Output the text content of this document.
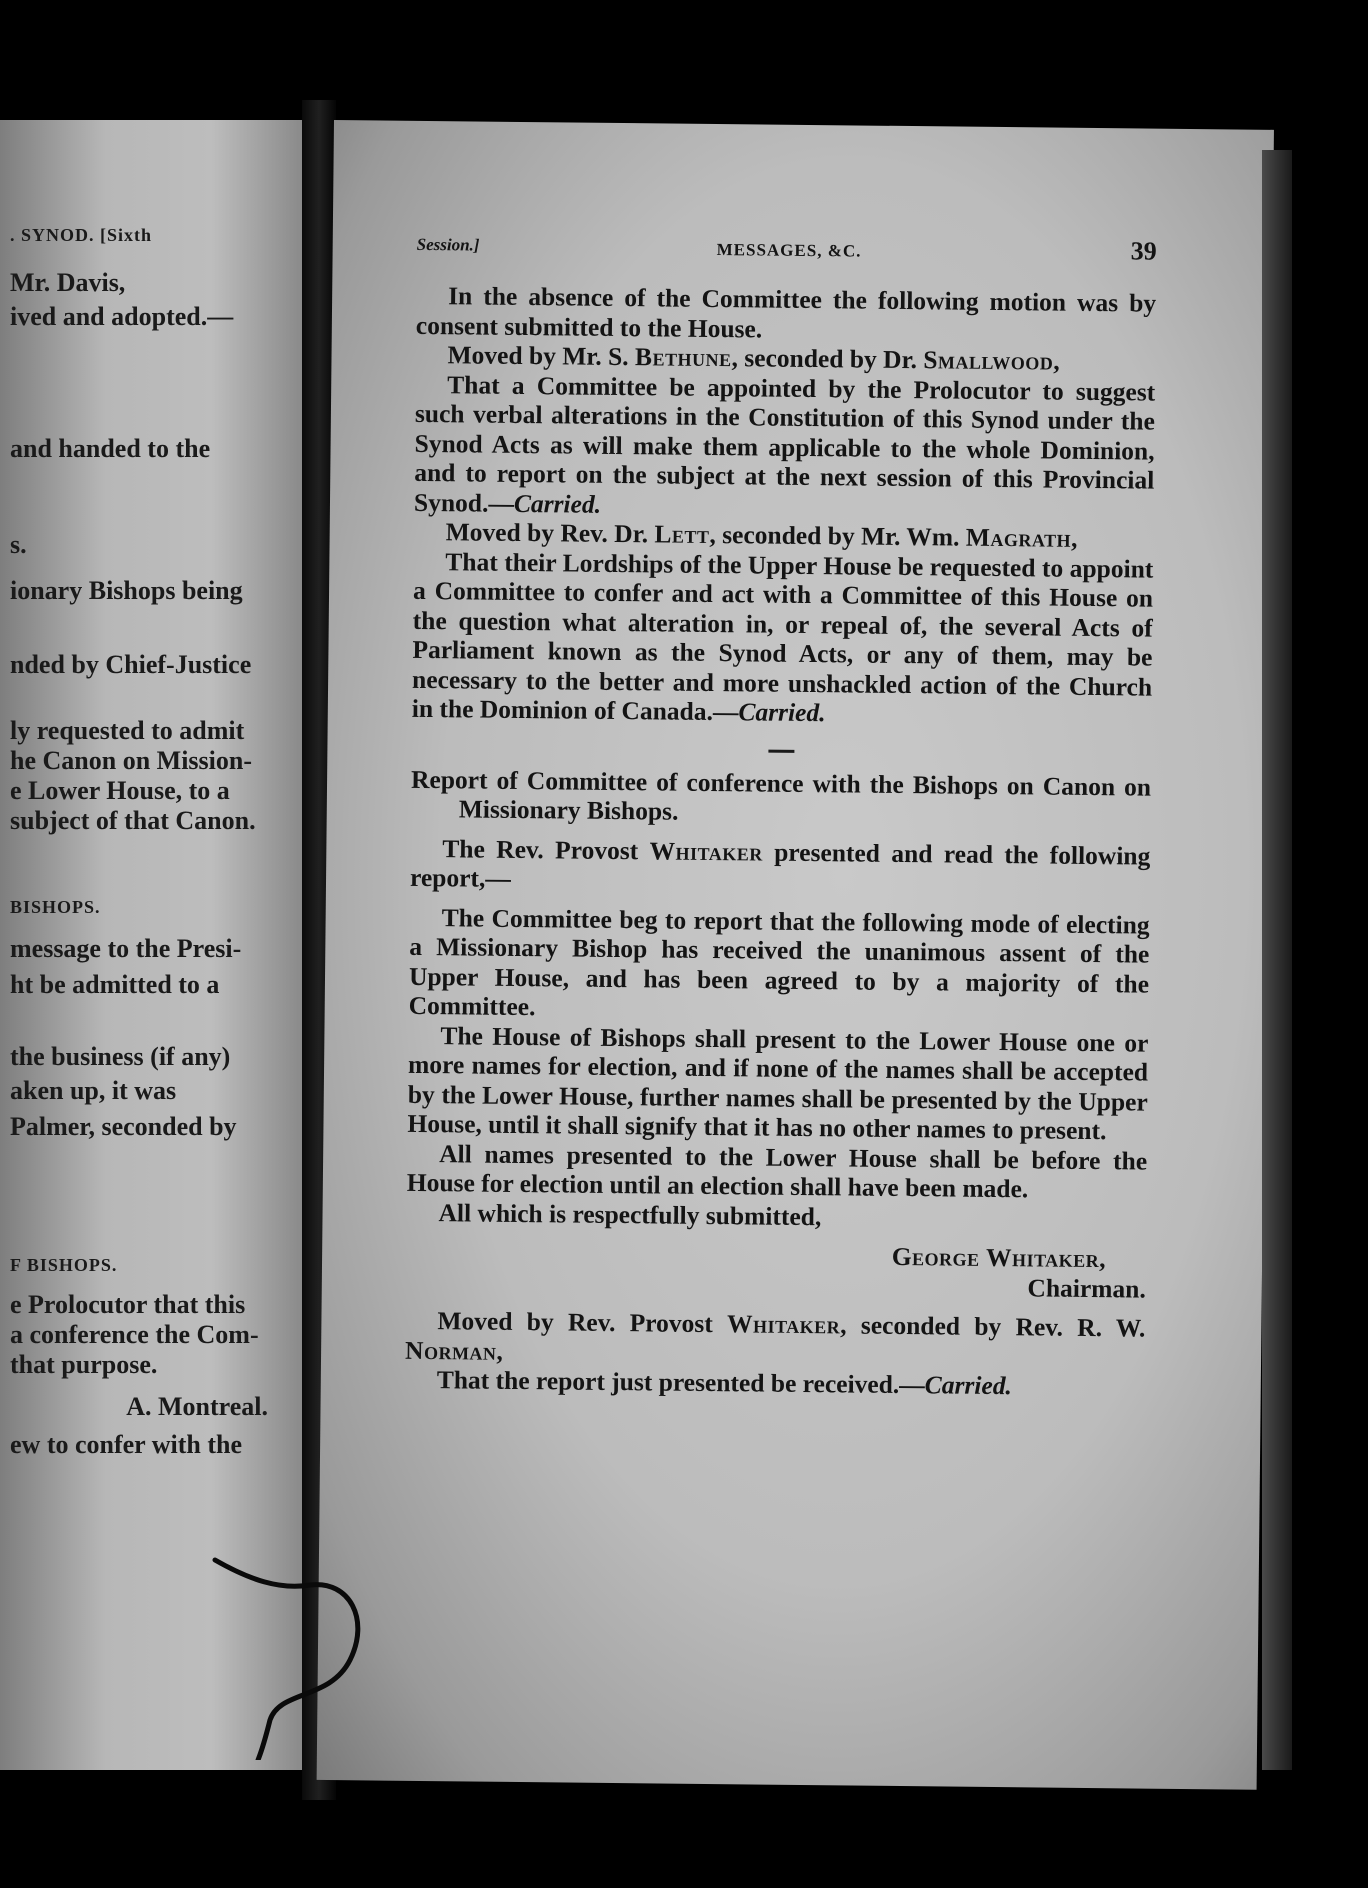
. SYNOD. [Sixth
Mr. Davis,
ived and adopted.—
and handed to the
s.
ionary Bishops being
nded by Chief-Justice
ly requested to admit
he Canon on Mission-
e Lower House, to a
subject of that Canon.
BISHOPS.
message to the Presi-
ht be admitted to a
the business (if any)
aken up, it was
Palmer, seconded by
F BISHOPS.
e Prolocutor that this
a conference the Com-
that purpose.
A. Montreal.
ew to confer with the
Session.]	MESSAGES, &C.	39

In the absence of the Committee the following motion was by consent submitted to the House.

Moved by Mr. S. Bethune, seconded by Dr. Smallwood,

That a Committee be appointed by the Prolocutor to suggest such verbal alterations in the Constitution of this Synod under the Synod Acts as will make them applicable to the whole Dominion, and to report on the subject at the next session of this Provincial Synod.—Carried.

Moved by Rev. Dr. Lett, seconded by Mr. Wm. Magrath,

That their Lordships of the Upper House be requested to appoint a Committee to confer and act with a Committee of this House on the question what alteration in, or repeal of, the several Acts of Parliament known as the Synod Acts, or any of them, may be necessary to the better and more unshackled action of the Church in the Dominion of Canada.—Carried.

Report of Committee of conference with the Bishops on Canon on Missionary Bishops.

The Rev. Provost Whitaker presented and read the following report,—

The Committee beg to report that the following mode of electing a Missionary Bishop has received the unanimous assent of the Upper House, and has been agreed to by a majority of the Committee.

The House of Bishops shall present to the Lower House one or more names for election, and if none of the names shall be accepted by the Lower House, further names shall be presented by the Upper House, until it shall signify that it has no other names to present.

All names presented to the Lower House shall be before the House for election until an election shall have been made.

All which is respectfully submitted,

George Whitaker,

Chairman.

Moved by Rev. Provost Whitaker, seconded by Rev. R. W. Norman,

That the report just presented be received.—Carried.
